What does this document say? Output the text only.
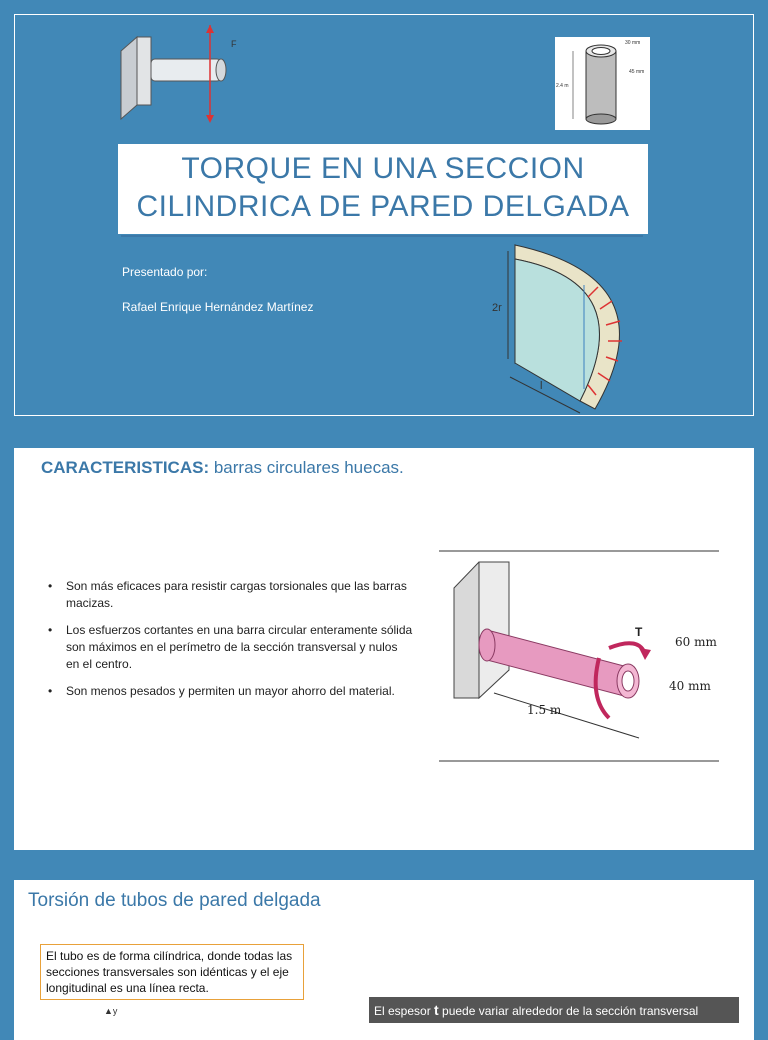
F
2.4 m
30 mm
45 mm
TORQUE EN UNA SECCION
CILINDRICA DE PARED DELGADA
Presentado por:
Rafael Enrique Hernández Martínez	2r
l
CARACTERISTICAS: barras circulares huecas.
• Son más eficaces para resistir cargas torsionales que las barras macizas.
• Los esfuerzos cortantes en una barra circular enteramente sólida son máximos en el perímetro de la sección transversal y nulos en el centro.
• Son menos pesados y permiten un mayor ahorro del material.
T
60 mm
40 mm
1.5 m
Torsión de tubos de pared delgada
El tubo es de forma cilíndrica, donde todas las secciones transversales son idénticas y el eje longitudinal es una línea recta.
▲y	El espesor t puede variar alrededor de la sección transversal
